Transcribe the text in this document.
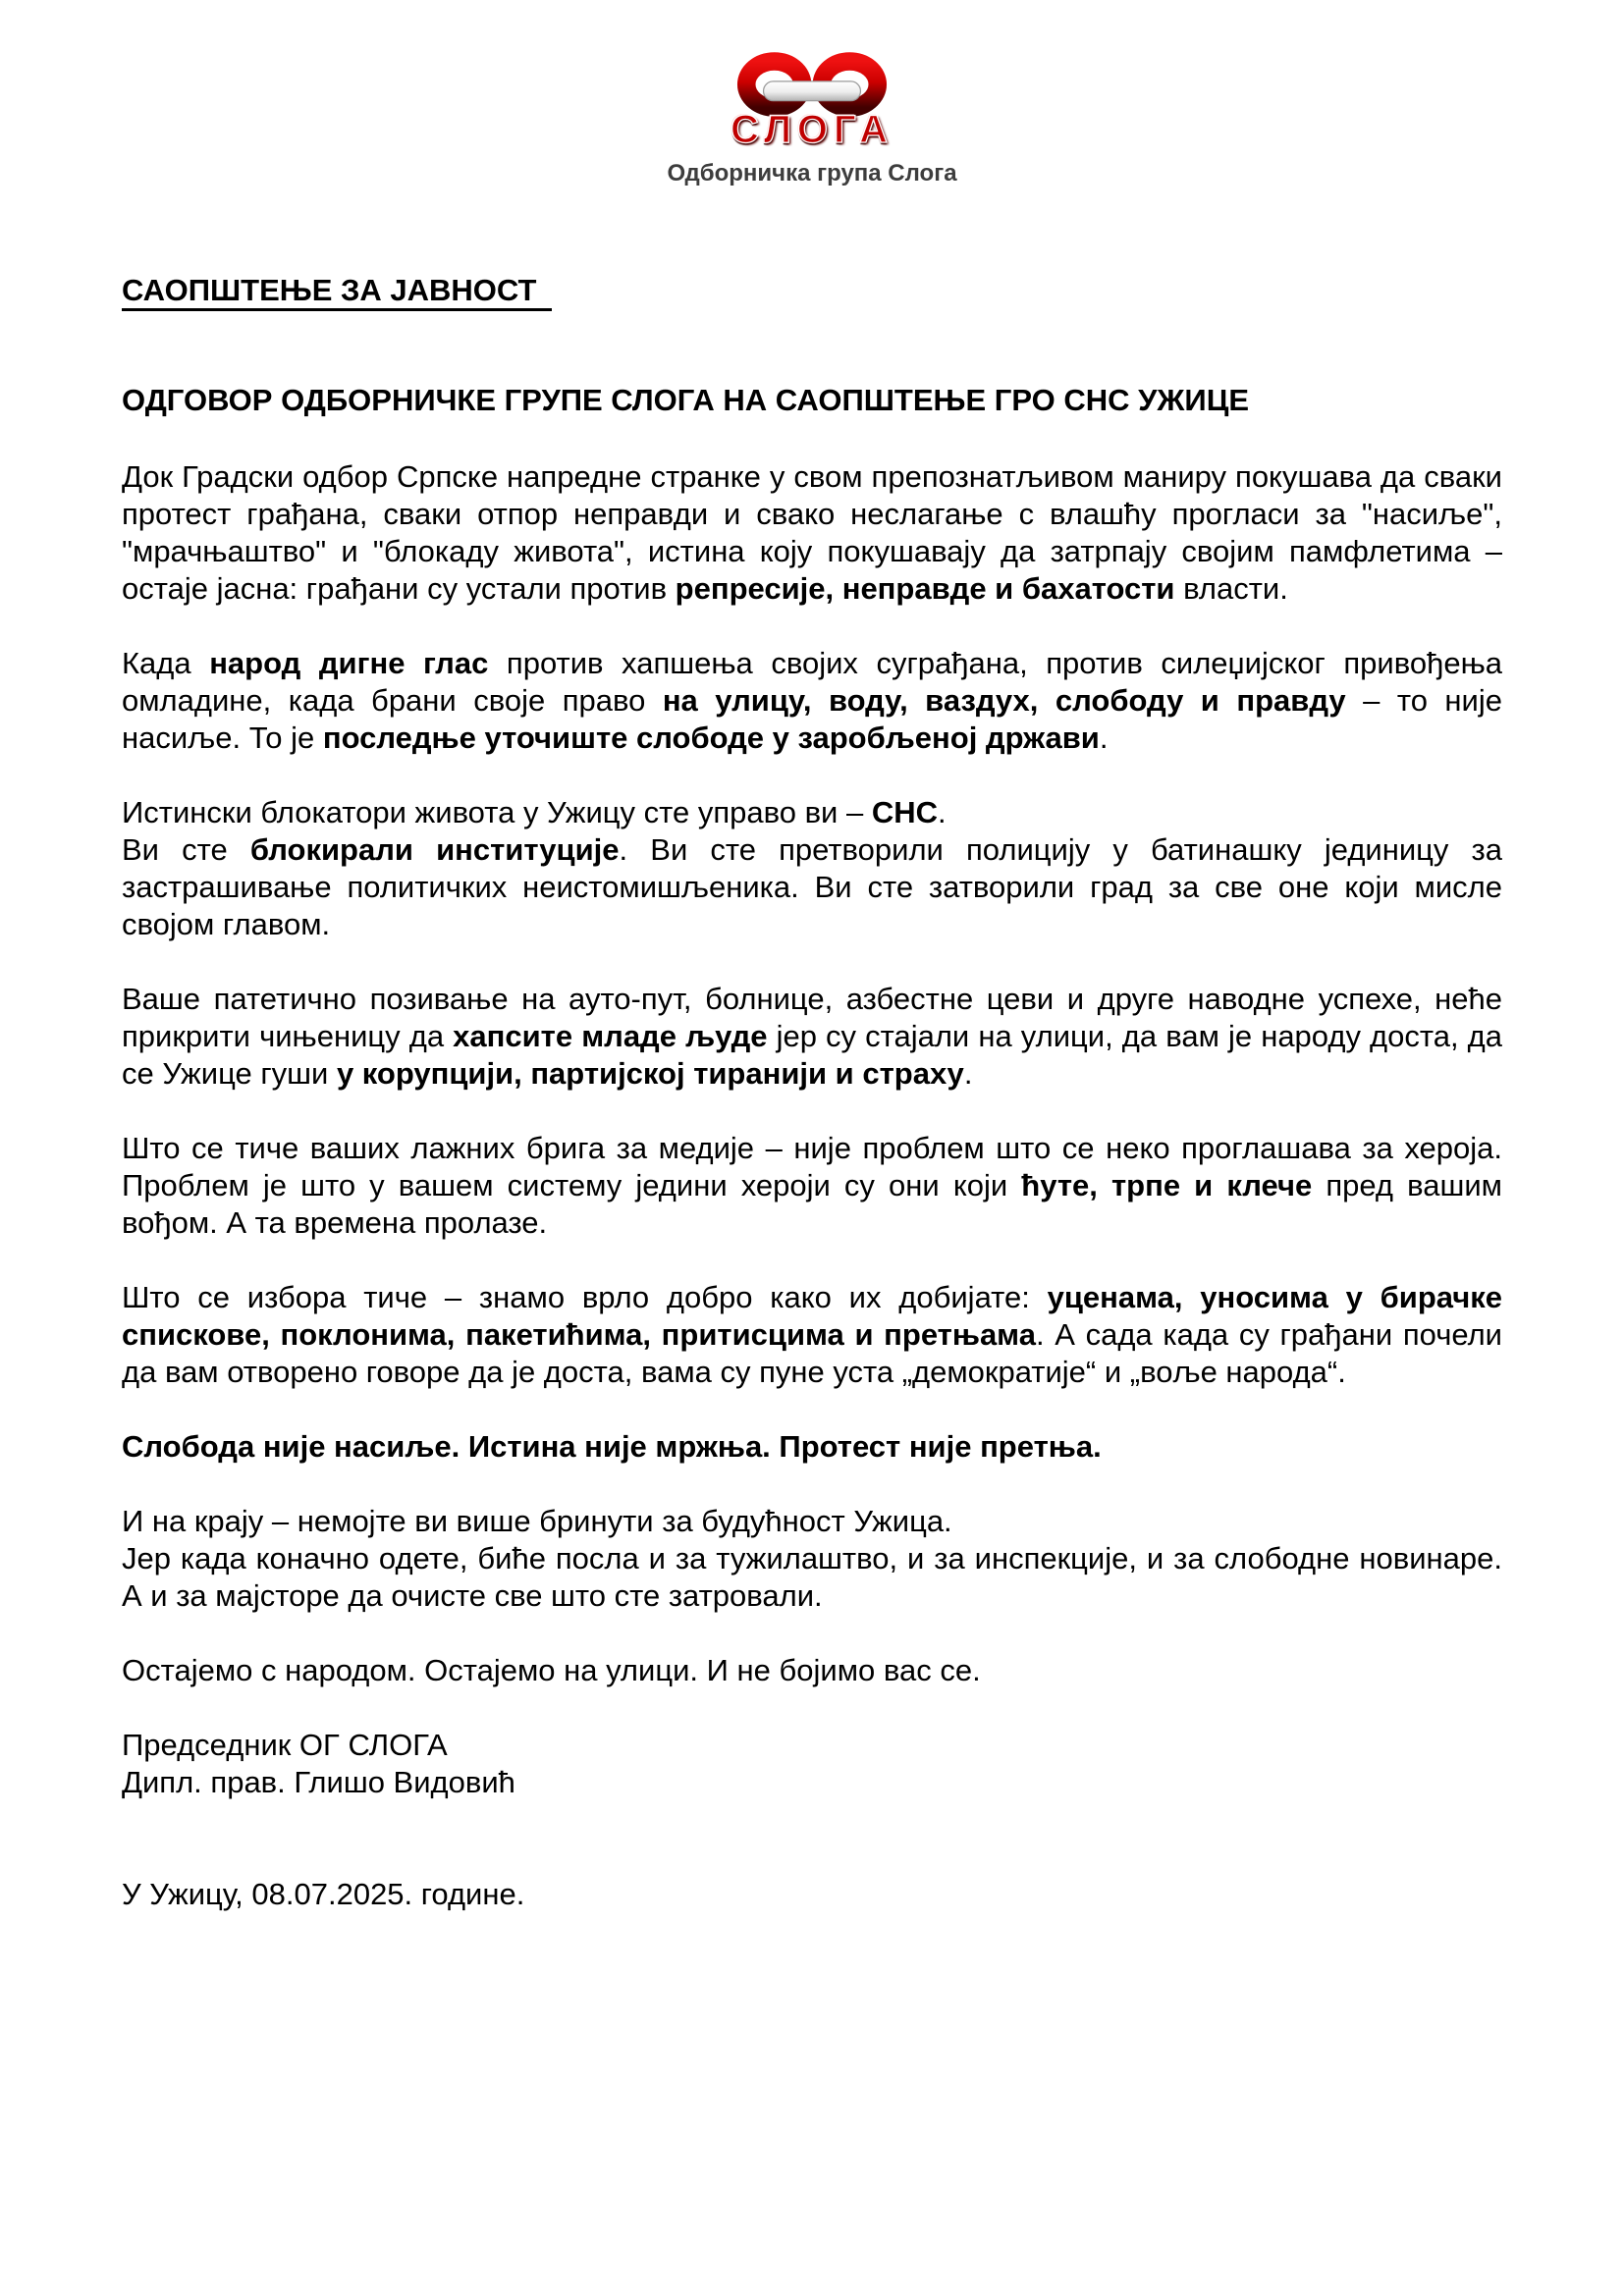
СЛОГА
Одборничка група Слога
САОПШТЕЊЕ ЗА ЈАВНОСТ
ОДГОВОР ОДБОРНИЧКЕ ГРУПЕ СЛОГА НА САОПШТЕЊЕ ГРО СНС УЖИЦЕ

Док Градски одбор Српске напредне странке у свом препознатљивом маниру покушава да сваки протест грађана, сваки отпор неправди и свако неслагање с влашћу прогласи за "насиље", "мрачњаштво" и "блокаду живота", истина коју покушавају да затрпају својим памфлетима – остаје јасна: грађани су устали против репресије, неправде и бахатости власти.

Када народ дигне глас против хапшења својих суграђана, против силеџијског привођења омладине, када брани своје право на улицу, воду, ваздух, слободу и правду – то није насиље. То је последње уточиште слободе у заробљеној држави.

Истински блокатори живота у Ужицу сте управо ви – СНС.

Ви сте блокирали институције. Ви сте претворили полицију у батинашку јединицу за застрашивање политичких неистомишљеника. Ви сте затворили град за све оне који мисле својом главом.

Ваше патетично позивање на ауто-пут, болнице, азбестне цеви и друге наводне успехе, неће прикрити чињеницу да хапсите младе људе јер су стајали на улици, да вам је народу доста, да се Ужице гуши у корупцији, партијској тиранији и страху.

Што се тиче ваших лажних брига за медије – није проблем што се неко проглашава за хероја. Проблем је што у вашем систему једини хероји су они који ћуте, трпе и клече пред вашим вођом. А та времена пролазе.

Што се избора тиче – знамо врло добро како их добијате: уценама, уносима у бирачке спискове, поклонима, пакетићима, притисцима и претњама. А сада када су грађани почели да вам отворено говоре да је доста, вама су пуне уста „демократије“ и „воље народа“.

Слобода није насиље. Истина није мржња. Протест није претња.

И на крају – немојте ви више бринути за будућност Ужица.

Јер када коначно одете, биће посла и за тужилаштво, и за инспекције, и за слободне новинаре. А и за мајсторе да очисте све што сте затровали.

Остајемо с народом. Остајемо на улици. И не бојимо вас се.

Председник ОГ СЛОГА

Дипл. прав. Глишо Видовић

У Ужицу, 08.07.2025. године.
